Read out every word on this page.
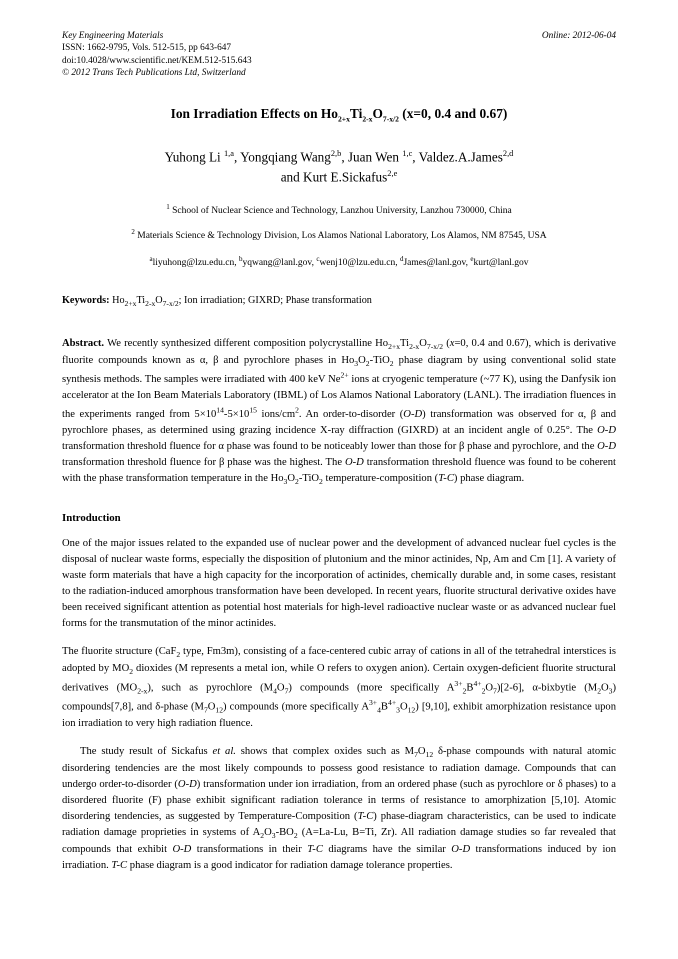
Key Engineering Materials
ISSN: 1662-9795, Vols. 512-515, pp 643-647
doi:10.4028/www.scientific.net/KEM.512-515.643
© 2012 Trans Tech Publications Ltd, Switzerland
Online: 2012-06-04
Ion Irradiation Effects on $Ho_{2+x}Ti_{2-x}O_{7-x/2}$ (x=0, 0.4 and 0.67)
Yuhong Li $^{1,a}$, Yongqiang Wang$^{2,b}$, Juan Wen $^{1,c}$, Valdez.A.James$^{2,d}$
and Kurt E.Sickafus$^{2,e}$
$^1$ School of Nuclear Science and Technology, Lanzhou University, Lanzhou 730000, China
$^2$ Materials Science & Technology Division, Los Alamos National Laboratory, Los Alamos, NM 87545, USA
$^a$liyuhong@lzu.edu.cn, $^b$yqwang@lanl.gov, $^c$wenj10@lzu.edu.cn, $^d$James@lanl.gov, $^e$kurt@lanl.gov
Keywords: $Ho_{2+x}Ti_{2-x}O_{7-x/2}$; Ion irradiation; GIXRD; Phase transformation
Abstract. We recently synthesized different composition polycrystalline $Ho_{2+x}Ti_{2-x}O_{7-x/2}$ (x=0, 0.4 and 0.67), which is derivative fluorite compounds known as α, β and pyrochlore phases in $Ho_3O_2-TiO_2$ phase diagram by using conventional solid state synthesis methods. The samples were irradiated with 400 keV $Ne^{2+}$ ions at cryogenic temperature (~77 K), using the Danfysik ion accelerator at the Ion Beam Materials Laboratory (IBML) of Los Alamos National Laboratory (LANL). The irradiation fluences in the experiments ranged from $5\times 10^{14}-5\times 10^{15}$ ions/$cm^2$. An order-to-disorder (O-D) transformation was observed for α, β and pyrochlore phases, as determined using grazing incidence X-ray diffraction (GIXRD) at an incident angle of 0.25°. The O-D transformation threshold fluence for α phase was found to be noticeably lower than those for β phase and pyrochlore, and the O-D transformation threshold fluence for β phase was the highest. The O-D transformation threshold fluence was found to be coherent with the phase transformation temperature in the $Ho_3O_2-TiO_2$ temperature-composition (T-C) phase diagram.
Introduction
One of the major issues related to the expanded use of nuclear power and the development of advanced nuclear fuel cycles is the disposal of nuclear waste forms, especially the disposition of plutonium and the minor actinides, Np, Am and Cm [1]. A variety of waste form materials that have a high capacity for the incorporation of actinides, chemically durable and, in some cases, resistant to the radiation-induced amorphous transformation have been developed. In recent years, fluorite structural derivative oxides have been received significant attention as potential host materials for high-level radioactive nuclear waste or as advanced nuclear fuel forms for the transmutation of the minor actinides.
The fluorite structure (CaF$_2$ type, Fm3m), consisting of a face-centered cubic array of cations in all of the tetrahedral interstices is adopted by $MO_2$ dioxides (M represents a metal ion, while O refers to oxygen anion). Certain oxygen-deficient fluorite structural derivatives $(MO_{2-x})$, such as pyrochlore $(M_4O_7)$ compounds (more specifically $A^{3+}_2B^{4+}_2O_7)[2-6]$, α-bixbytie $(M_2O_3)$ compounds[7,8], and δ-phase $(M_7O_{12})$ compounds (more specifically $A^{3+}_4B^{4+}_3O_{12}$) [9,10], exhibit amorphization resistance upon ion irradiation to very high radiation fluence.
The study result of Sickafus et al. shows that complex oxides such as $M_7O_{12}$ δ-phase compounds with natural atomic disordering tendencies are the most likely compounds to possess good resistance to radiation damage. Compounds that can undergo order-to-disorder (O-D) transformation under ion irradiation, from an ordered phase (such as pyrochlore or δ phases) to a disordered fluorite (F) phase exhibit significant radiation tolerance in terms of resistance to amorphization [5,10]. Atomic disordering tendencies, as suggested by Temperature-Composition (T-C) phase-diagram characteristics, can be used to indicate radiation damage proprieties in systems of $A_2O_3-BO_2$ (A=La-Lu, B=Ti, Zr). All radiation damage studies so far revealed that compounds that exhibit O-D transformations in their T-C diagrams have the similar O-D transformations induced by ion irradiation. T-C phase diagram is a good indicator for radiation damage tolerance properties.
